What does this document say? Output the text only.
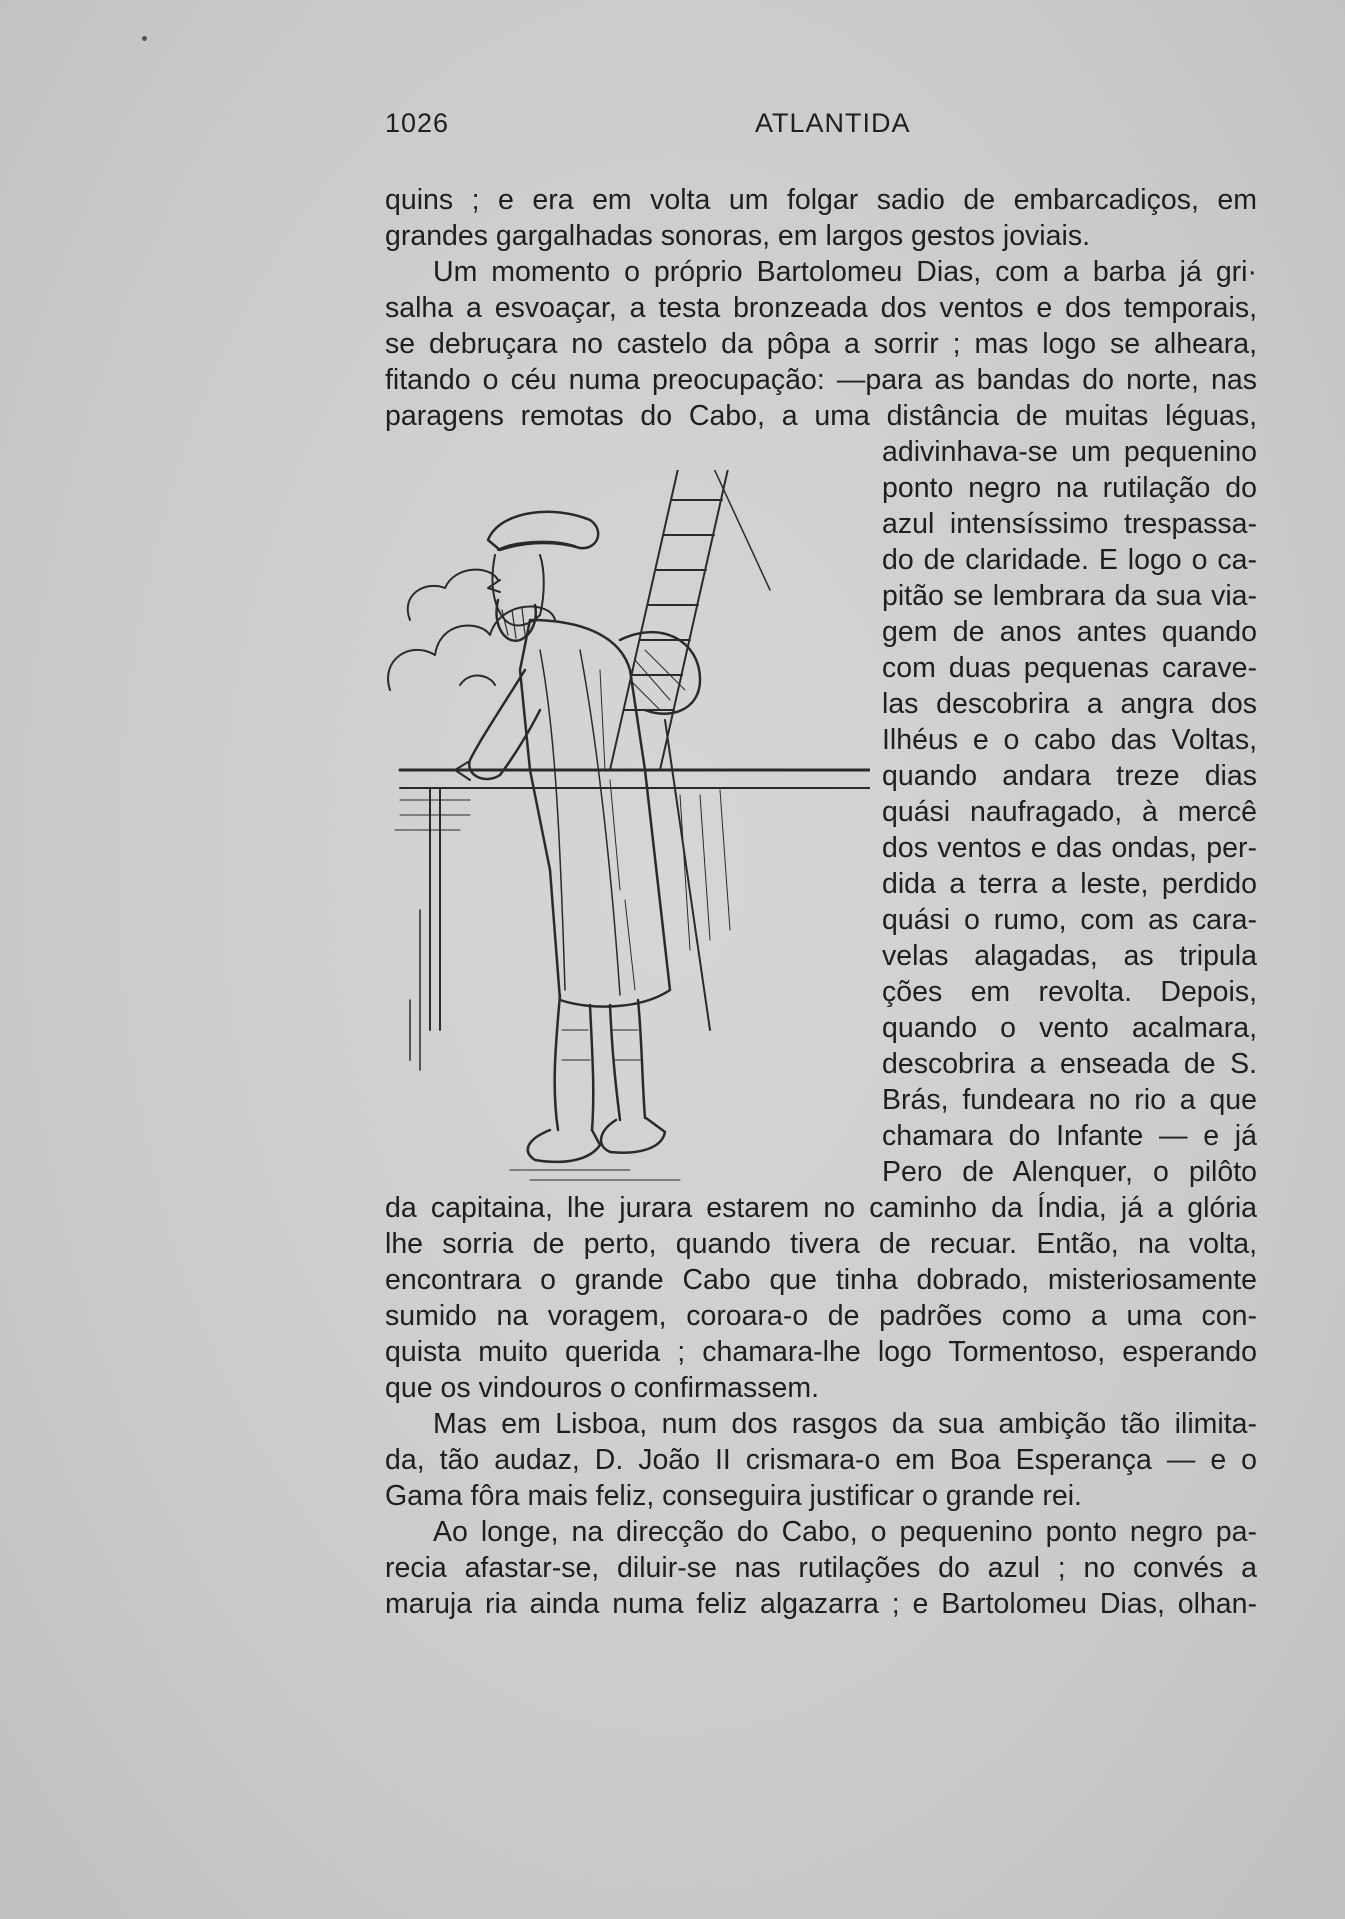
1026	ATLANTIDA
quins ; e era em volta um folgar sadio de embarcadiços, em
grandes gargalhadas sonoras, em largos gestos joviais.
Um momento o próprio Bartolomeu Dias, com a barba já gri·
salha a esvoaçar, a testa bronzeada dos ventos e dos temporais,
se debruçara no castelo da pôpa a sorrir ; mas logo se alheara,
fitando o céu numa preocupação: —para as bandas do norte, nas
paragens remotas do Cabo, a uma distância de muitas léguas,
adivinhava-se um pequenino
ponto negro na rutilação do
azul intensíssimo trespassa-
do de claridade. E logo o ca-
pitão se lembrara da sua via-
gem de anos antes quando
com duas pequenas carave-
las descobrira a angra dos
Ilhéus e o cabo das Voltas,
quando andara treze dias
quási naufragado, à mercê
dos ventos e das ondas, per-
dida a terra a leste, perdido
quási o rumo, com as cara-
velas alagadas, as tripula
ções em revolta. Depois,
quando o vento acalmara,
descobrira a enseada de S.
Brás, fundeara no rio a que
chamara do Infante — e já
Pero de Alenquer, o pilôto
da capitaina, lhe jurara estarem no caminho da Índia, já a glória
lhe sorria de perto, quando tivera de recuar. Então, na volta,
encontrara o grande Cabo que tinha dobrado, misteriosamente
sumido na voragem, coroara-o de padrões como a uma con-
quista muito querida ; chamara-lhe logo Tormentoso, esperando
que os vindouros o confirmassem.
Mas em Lisboa, num dos rasgos da sua ambição tão ilimita-
da, tão audaz, D. João II crismara-o em Boa Esperança — e o
Gama fôra mais feliz, conseguira justificar o grande rei.
Ao longe, na direcção do Cabo, o pequenino ponto negro pa-
recia afastar-se, diluir-se nas rutilações do azul ; no convés a
maruja ria ainda numa feliz algazarra ; e Bartolomeu Dias, olhan-
